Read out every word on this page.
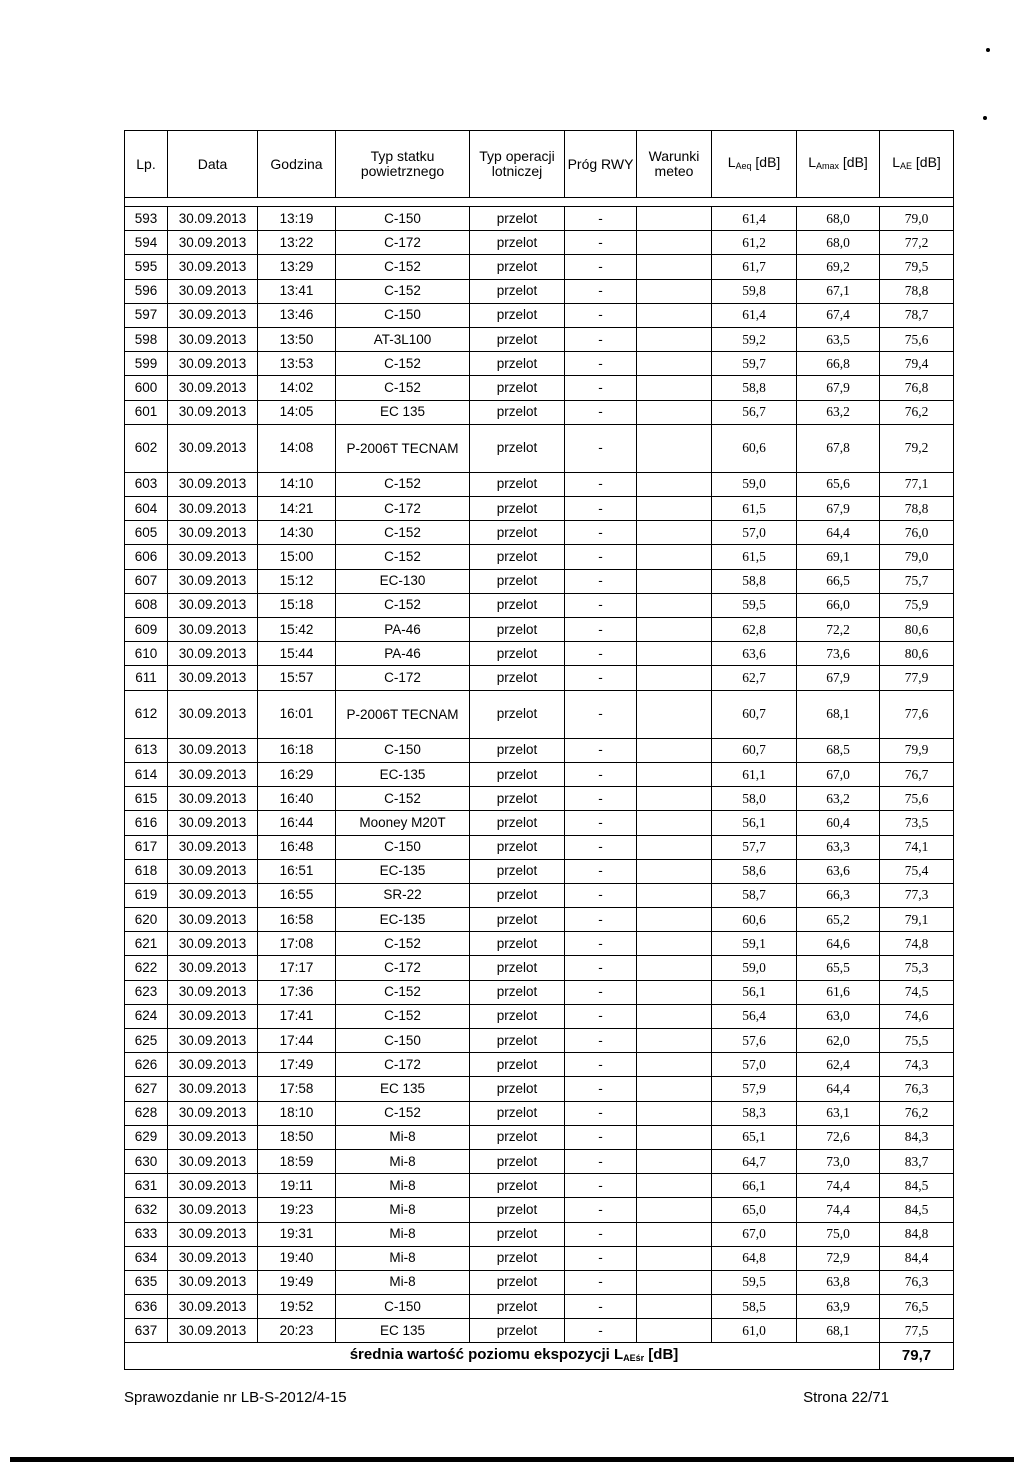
Lp.	Data	Godzina	Typ statku powietrznego	Typ operacji lotniczej	Próg RWY	Warunki meteo	$L_{Aeq}$ [dB]	$L_{Amax}$ [dB]	$L_{AE}$ [dB]

593	30.09.2013	13:19	C-150	przelot	-		61,4	68,0	79,0
594	30.09.2013	13:22	C-172	przelot	-		61,2	68,0	77,2
595	30.09.2013	13:29	C-152	przelot	-		61,7	69,2	79,5
596	30.09.2013	13:41	C-152	przelot	-		59,8	67,1	78,8
597	30.09.2013	13:46	C-150	przelot	-		61,4	67,4	78,7
598	30.09.2013	13:50	AT-3L100	przelot	-		59,2	63,5	75,6
599	30.09.2013	13:53	C-152	przelot	-		59,7	66,8	79,4
600	30.09.2013	14:02	C-152	przelot	-		58,8	67,9	76,8
601	30.09.2013	14:05	EC 135	przelot	-		56,7	63,2	76,2
602	30.09.2013	14:08	P-2006T TECNAM	przelot	-		60,6	67,8	79,2
603	30.09.2013	14:10	C-152	przelot	-		59,0	65,6	77,1
604	30.09.2013	14:21	C-172	przelot	-		61,5	67,9	78,8
605	30.09.2013	14:30	C-152	przelot	-		57,0	64,4	76,0
606	30.09.2013	15:00	C-152	przelot	-		61,5	69,1	79,0
607	30.09.2013	15:12	EC-130	przelot	-		58,8	66,5	75,7
608	30.09.2013	15:18	C-152	przelot	-		59,5	66,0	75,9
609	30.09.2013	15:42	PA-46	przelot	-		62,8	72,2	80,6
610	30.09.2013	15:44	PA-46	przelot	-		63,6	73,6	80,6
611	30.09.2013	15:57	C-172	przelot	-		62,7	67,9	77,9
612	30.09.2013	16:01	P-2006T TECNAM	przelot	-		60,7	68,1	77,6
613	30.09.2013	16:18	C-150	przelot	-		60,7	68,5	79,9
614	30.09.2013	16:29	EC-135	przelot	-		61,1	67,0	76,7
615	30.09.2013	16:40	C-152	przelot	-		58,0	63,2	75,6
616	30.09.2013	16:44	Mooney M20T	przelot	-		56,1	60,4	73,5
617	30.09.2013	16:48	C-150	przelot	-		57,7	63,3	74,1
618	30.09.2013	16:51	EC-135	przelot	-		58,6	63,6	75,4
619	30.09.2013	16:55	SR-22	przelot	-		58,7	66,3	77,3
620	30.09.2013	16:58	EC-135	przelot	-		60,6	65,2	79,1
621	30.09.2013	17:08	C-152	przelot	-		59,1	64,6	74,8
622	30.09.2013	17:17	C-172	przelot	-		59,0	65,5	75,3
623	30.09.2013	17:36	C-152	przelot	-		56,1	61,6	74,5
624	30.09.2013	17:41	C-152	przelot	-		56,4	63,0	74,6
625	30.09.2013	17:44	C-150	przelot	-		57,6	62,0	75,5
626	30.09.2013	17:49	C-172	przelot	-		57,0	62,4	74,3
627	30.09.2013	17:58	EC 135	przelot	-		57,9	64,4	76,3
628	30.09.2013	18:10	C-152	przelot	-		58,3	63,1	76,2
629	30.09.2013	18:50	Mi-8	przelot	-		65,1	72,6	84,3
630	30.09.2013	18:59	Mi-8	przelot	-		64,7	73,0	83,7
631	30.09.2013	19:11	Mi-8	przelot	-		66,1	74,4	84,5
632	30.09.2013	19:23	Mi-8	przelot	-		65,0	74,4	84,5
633	30.09.2013	19:31	Mi-8	przelot	-		67,0	75,0	84,8
634	30.09.2013	19:40	Mi-8	przelot	-		64,8	72,9	84,4
635	30.09.2013	19:49	Mi-8	przelot	-		59,5	63,8	76,3
636	30.09.2013	19:52	C-150	przelot	-		58,5	63,9	76,5
637	30.09.2013	20:23	EC 135	przelot	-		61,0	68,1	77,5
średnia wartość poziomu ekspozycji $L_{AEśr}$ [dB]									79,7
Sprawozdanie nr LB-S-2012/4-15	Strona 22/71
